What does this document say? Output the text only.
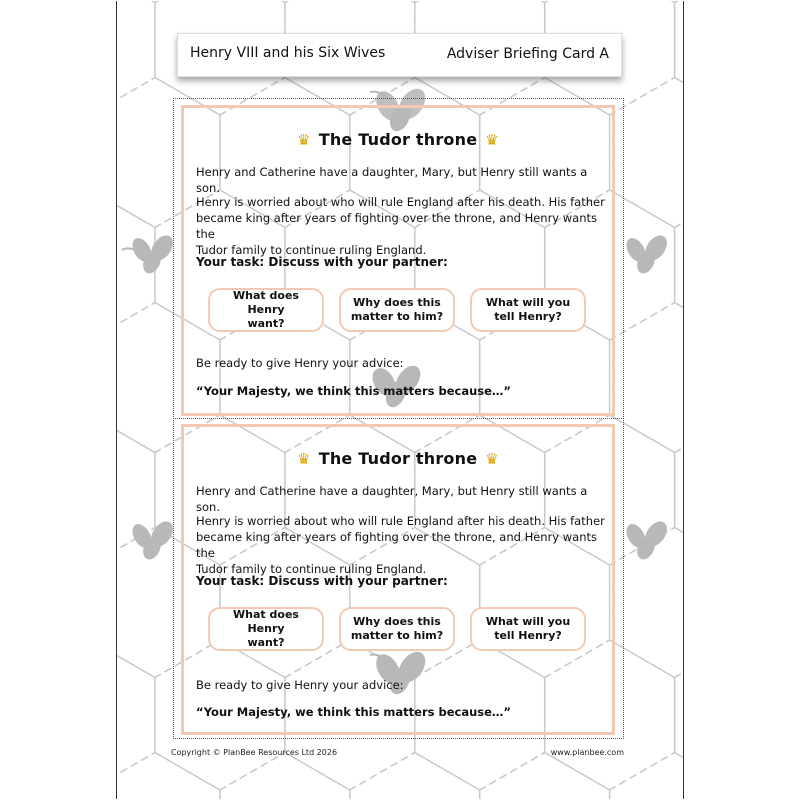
Henry VIII and his Six Wives	Adviser Briefing Card A
♛ The Tudor throne ♛
Henry and Catherine have a daughter, Mary, but Henry still wants a son.
Henry is worried about who will rule England after his death. His father
became king after years of fighting over the throne, and Henry wants the
Tudor family to continue ruling England.
Your task: Discuss with your partner:
What does Henry
want?
Why does this
matter to him?
What will you
tell Henry?
Be ready to give Henry your advice:
“Your Majesty, we think this matters because…”
♛ The Tudor throne ♛
Henry and Catherine have a daughter, Mary, but Henry still wants a son.
Henry is worried about who will rule England after his death. His father
became king after years of fighting over the throne, and Henry wants the
Tudor family to continue ruling England.
Your task: Discuss with your partner:
What does Henry
want?
Why does this
matter to him?
What will you
tell Henry?
Be ready to give Henry your advice:
“Your Majesty, we think this matters because…”
Copyright © PlanBee Resources Ltd 2026	www.planbee.com
